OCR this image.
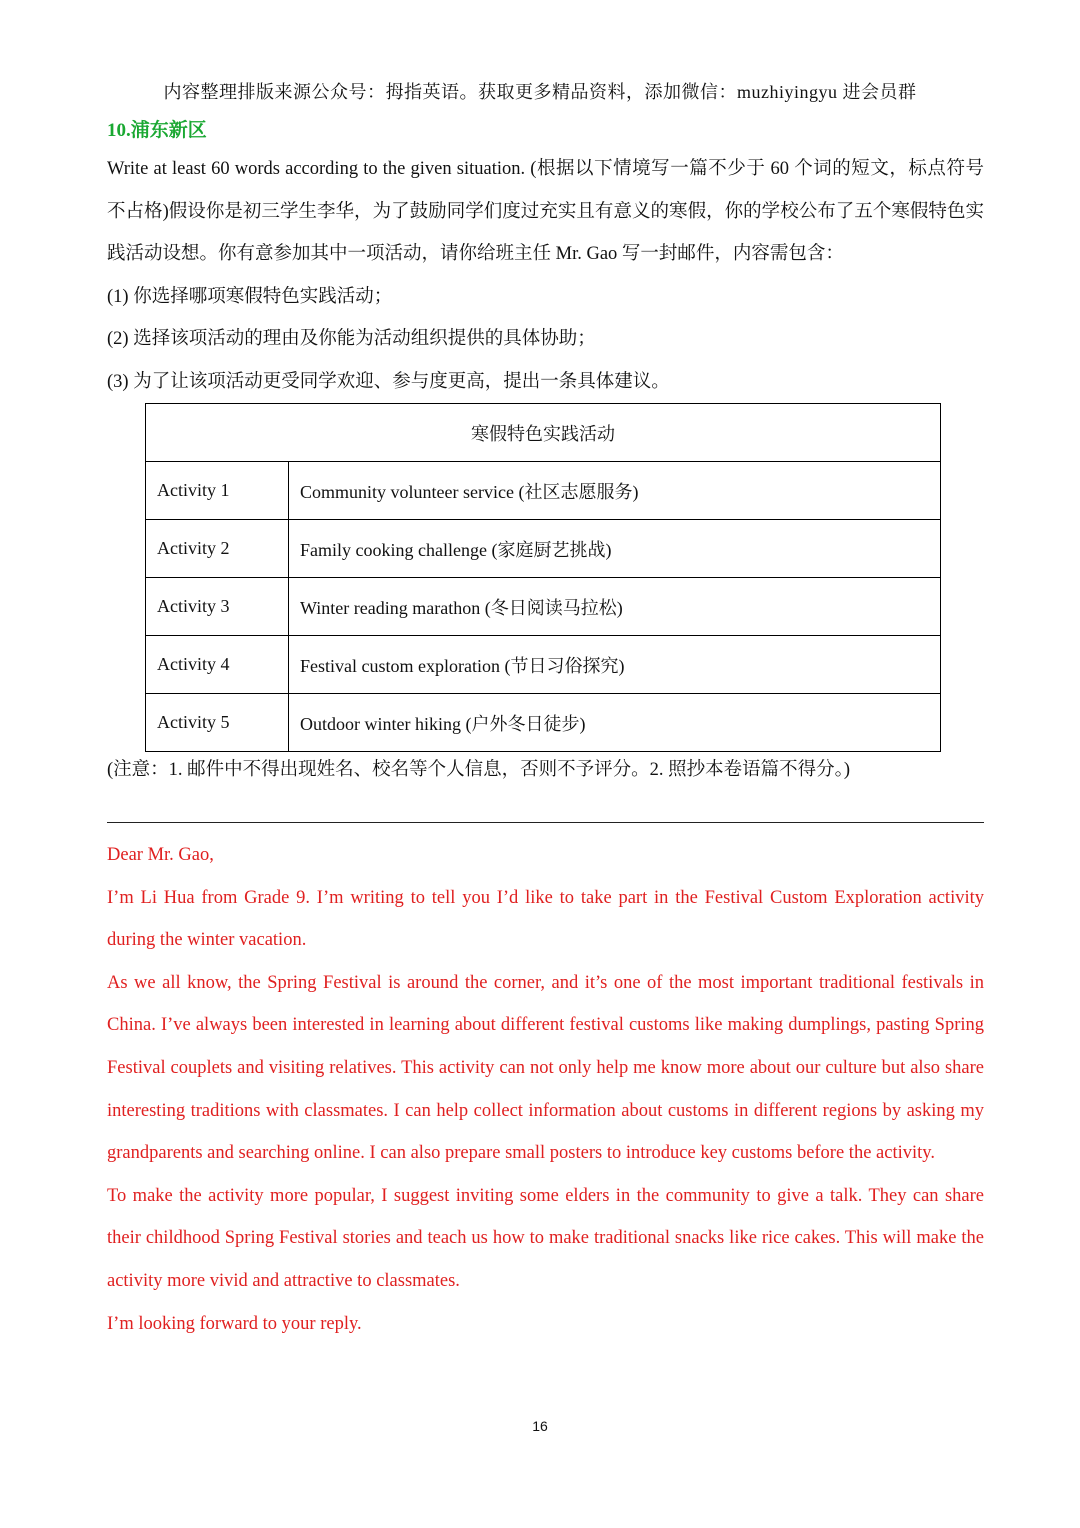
内容整理排版来源公众号：拇指英语。获取更多精品资料，添加微信：muzhiyingyu 进会员群
10.浦东新区

Write at least 60 words according to the given situation. (根据以下情境写一篇不少于 60 个词的短文，标点符号不占格)假设你是初三学生李华，为了鼓励同学们度过充实且有意义的寒假，你的学校公布了五个寒假特色实践活动设想。你有意参加其中一项活动，请你给班主任 Mr. Gao 写一封邮件，内容需包含：

(1) 你选择哪项寒假特色实践活动；

(2) 选择该项活动的理由及你能为活动组织提供的具体协助；

(3) 为了让该项活动更受同学欢迎、参与度更高，提出一条具体建议。

寒假特色实践活动	
Activity 1	Community volunteer service (社区志愿服务)
Activity 2	Family cooking challenge (家庭厨艺挑战)
Activity 3	Winter reading marathon (冬日阅读马拉松)
Activity 4	Festival custom exploration (节日习俗探究)
Activity 5	Outdoor winter hiking (户外冬日徒步)
(注意：1. 邮件中不得出现姓名、校名等个人信息，否则不予评分。2. 照抄本卷语篇不得分。)

Dear Mr. Gao,

I’m Li Hua from Grade 9. I’m writing to tell you I’d like to take part in the Festival Custom Exploration activity during the winter vacation.

As we all know, the Spring Festival is around the corner, and it’s one of the most important traditional festivals in China. I’ve always been interested in learning about different festival customs like making dumplings, pasting Spring Festival couplets and visiting relatives. This activity can not only help me know more about our culture but also share interesting traditions with classmates. I can help collect information about customs in different regions by asking my grandparents and searching online. I can also prepare small posters to introduce key customs before the activity.

To make the activity more popular, I suggest inviting some elders in the community to give a talk. They can share their childhood Spring Festival stories and teach us how to make traditional snacks like rice cakes. This will make the activity more vivid and attractive to classmates.

I’m looking forward to your reply.

16
